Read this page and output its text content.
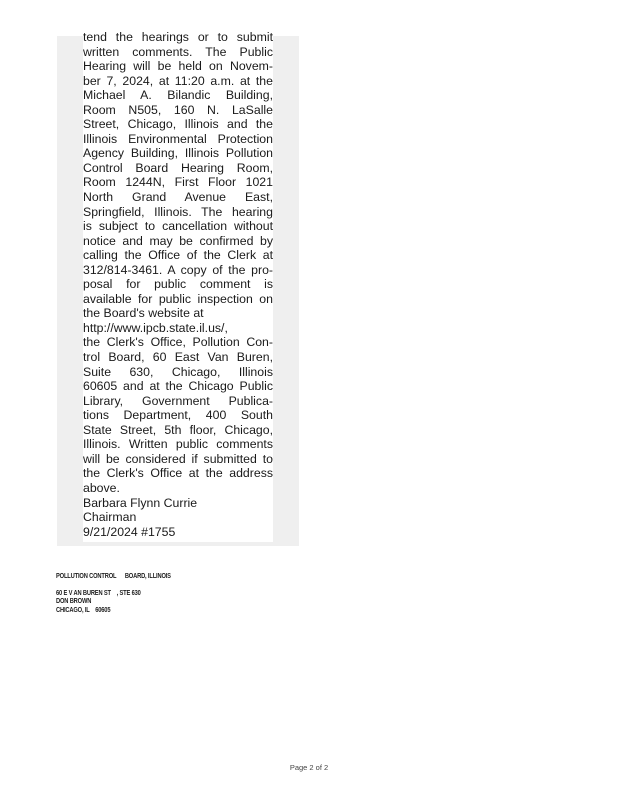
tend the hearings or to submit
written comments. The Public
Hearing will be held on Novem-
ber 7, 2024, at 11:20 a.m. at the
Michael A. Bilandic Building,
Room N505, 160 N. LaSalle
Street, Chicago, Illinois and the
Illinois Environmental Protection
Agency Building, Illinois Pollution
Control Board Hearing Room,
Room 1244N, First Floor 1021
North Grand Avenue East,
Springfield, Illinois. The hearing
is subject to cancellation without
notice and may be confirmed by
calling the Office of the Clerk at
312/814-3461. A copy of the pro-
posal for public comment is
available for public inspection on
the Board's website at
http://www.ipcb.state.il.us/,
the Clerk's Office, Pollution Con-
trol Board, 60 East Van Buren,
Suite 630, Chicago, Illinois
60605 and at the Chicago Public
Library, Government Publica-
tions Department, 400 South
State Street, 5th floor, Chicago,
Illinois. Written public comments
will be considered if submitted to
the Clerk's Office at the address
above.
Barbara Flynn Currie
Chairman
9/21/2024 #1755
POLLUTION CONTROL      BOARD, ILLINOIS
60 E V AN BUREN ST    , STE 630
DON BROWN
CHICAGO, IL    60605
Page 2 of 2
